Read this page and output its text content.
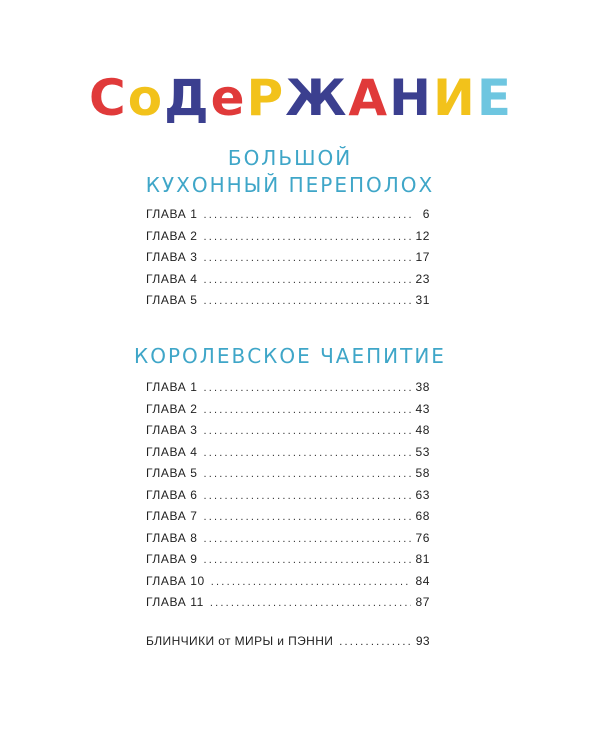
СоДеРЖАНИЕ
БОЛЬШОЙ
КУХОННЫЙ ПЕРЕПОЛОХ
ГЛАВА 1 .....	6
ГЛАВА 2 .....	12
ГЛАВА 3 .....	17
ГЛАВА 4 .....	23
ГЛАВА 5 .....	31
КОРОЛЕВСКОЕ ЧАЕПИТИЕ
ГЛАВА 1 .....	38
ГЛАВА 2 .....	43
ГЛАВА 3 .....	48
ГЛАВА 4 .....	53
ГЛАВА 5 .....	58
ГЛАВА 6 .....	63
ГЛАВА 7 .....	68
ГЛАВА 8 .....	76
ГЛАВА 9 .....	81
ГЛАВА 10 .....	84
ГЛАВА 11 .....	87
БЛИНЧИКИ от МИРЫ и ПЭННИ .....	93
